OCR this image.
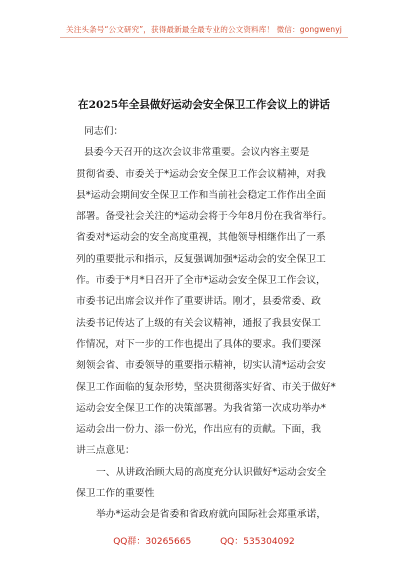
关注头条号“公文研究”，获得最新最全最专业的公文资料库！ 微信：gongwenyj
在2025年全县做好运动会安全保卫工作会议上的讲话
同志们：
县委今天召开的这次会议非常重要。会议内容主要是
贯彻省委、市委关于*运动会安全保卫工作会议精神，对我
县*运动会期间安全保卫工作和当前社会稳定工作作出全面
部署。备受社会关注的*运动会将于今年8月份在我省举行。
省委对*运动会的安全高度重视，其他领导相继作出了一系
列的重要批示和指示，反复强调加强*运动会的安全保卫工
作。市委于*月*日召开了全市*运动会安全保卫工作会议，
市委书记出席会议并作了重要讲话。刚才，县委常委、政
法委书记传达了上级的有关会议精神，通报了我县安保工
作情况，对下一步的工作也提出了具体的要求。我们要深
刻领会省、市委领导的重要指示精神，切实认清*运动会安
保卫工作面临的复杂形势，坚决贯彻落实好省、市关于做好*
运动会安全保卫工作的决策部署。为我省第一次成功举办*
运动会出一份力、添一份光，作出应有的贡献。下面，我
讲三点意见：
一、从讲政治顾大局的高度充分认识做好*运动会安全
保卫工作的重要性
举办*运动会是省委和省政府就向国际社会郑重承诺，
QQ群：30265665	QQ：535304092
